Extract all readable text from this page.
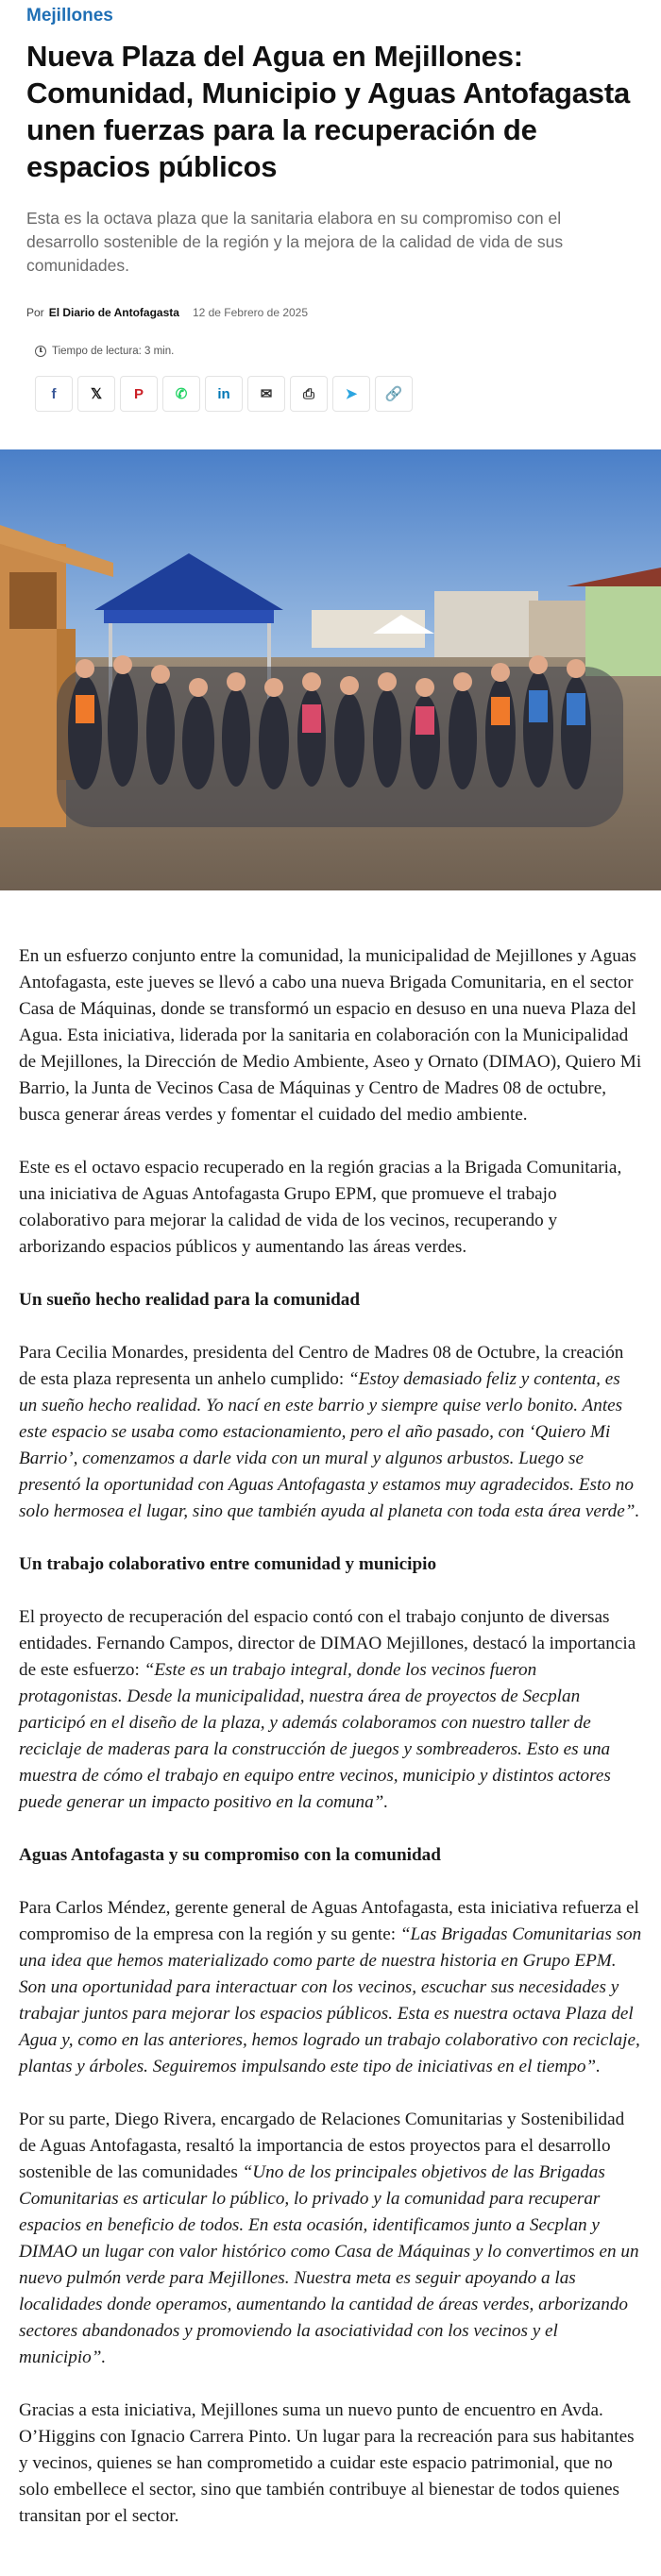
Mejillones
Nueva Plaza del Agua en Mejillones: Comunidad, Municipio y Aguas Antofagasta unen fuerzas para la recuperación de espacios públicos

Esta es la octava plaza que la sanitaria elabora en su compromiso con el desarrollo sostenible de la región y la mejora de la calidad de vida de sus comunidades.

Por El Diario de Antofagasta 12 de Febrero de 2025
Tiempo de lectura: 3 min.
f 𝕏 P ✆ in ✉ ⎙ ➤ 🔗

En un esfuerzo conjunto entre la comunidad, la municipalidad de Mejillones y Aguas Antofagasta, este jueves se llevó a cabo una nueva Brigada Comunitaria, en el sector Casa de Máquinas, donde se transformó un espacio en desuso en una nueva Plaza del Agua. Esta iniciativa, liderada por la sanitaria en colaboración con la Municipalidad de Mejillones, la Dirección de Medio Ambiente, Aseo y Ornato (DIMAO), Quiero Mi Barrio, la Junta de Vecinos Casa de Máquinas y Centro de Madres 08 de octubre, busca generar áreas verdes y fomentar el cuidado del medio ambiente.

Este es el octavo espacio recuperado en la región gracias a la Brigada Comunitaria, una iniciativa de Aguas Antofagasta Grupo EPM, que promueve el trabajo colaborativo para mejorar la calidad de vida de los vecinos, recuperando y arborizando espacios públicos y aumentando las áreas verdes.

Un sueño hecho realidad para la comunidad

Para Cecilia Monardes, presidenta del Centro de Madres 08 de Octubre, la creación de esta plaza representa un anhelo cumplido: “Estoy demasiado feliz y contenta, es un sueño hecho realidad. Yo nací en este barrio y siempre quise verlo bonito. Antes este espacio se usaba como estacionamiento, pero el año pasado, con ‘Quiero Mi Barrio’, comenzamos a darle vida con un mural y algunos arbustos. Luego se presentó la oportunidad con Aguas Antofagasta y estamos muy agradecidos. Esto no solo hermosea el lugar, sino que también ayuda al planeta con toda esta área verde”.

Un trabajo colaborativo entre comunidad y municipio

El proyecto de recuperación del espacio contó con el trabajo conjunto de diversas entidades. Fernando Campos, director de DIMAO Mejillones, destacó la importancia de este esfuerzo: “Este es un trabajo integral, donde los vecinos fueron protagonistas. Desde la municipalidad, nuestra área de proyectos de Secplan participó en el diseño de la plaza, y además colaboramos con nuestro taller de reciclaje de maderas para la construcción de juegos y sombreaderos. Esto es una muestra de cómo el trabajo en equipo entre vecinos, municipio y distintos actores puede generar un impacto positivo en la comuna”.

Aguas Antofagasta y su compromiso con la comunidad

Para Carlos Méndez, gerente general de Aguas Antofagasta, esta iniciativa refuerza el compromiso de la empresa con la región y su gente: “Las Brigadas Comunitarias son una idea que hemos materializado como parte de nuestra historia en Grupo EPM. Son una oportunidad para interactuar con los vecinos, escuchar sus necesidades y trabajar juntos para mejorar los espacios públicos. Esta es nuestra octava Plaza del Agua y, como en las anteriores, hemos logrado un trabajo colaborativo con reciclaje, plantas y árboles. Seguiremos impulsando este tipo de iniciativas en el tiempo”.

Por su parte, Diego Rivera, encargado de Relaciones Comunitarias y Sostenibilidad de Aguas Antofagasta, resaltó la importancia de estos proyectos para el desarrollo sostenible de las comunidades “Uno de los principales objetivos de las Brigadas Comunitarias es articular lo público, lo privado y la comunidad para recuperar espacios en beneficio de todos. En esta ocasión, identificamos junto a Secplan y DIMAO un lugar con valor histórico como Casa de Máquinas y lo convertimos en un nuevo pulmón verde para Mejillones. Nuestra meta es seguir apoyando a las localidades donde operamos, aumentando la cantidad de áreas verdes, arborizando sectores abandonados y promoviendo la asociatividad con los vecinos y el municipio”.

Gracias a esta iniciativa, Mejillones suma un nuevo punto de encuentro en Avda. O’Higgins con Ignacio Carrera Pinto. Un lugar para la recreación para sus habitantes y vecinos, quienes se han comprometido a cuidar este espacio patrimonial, que no solo embellece el sector, sino que también contribuye al bienestar de todos quienes transitan por el sector.
